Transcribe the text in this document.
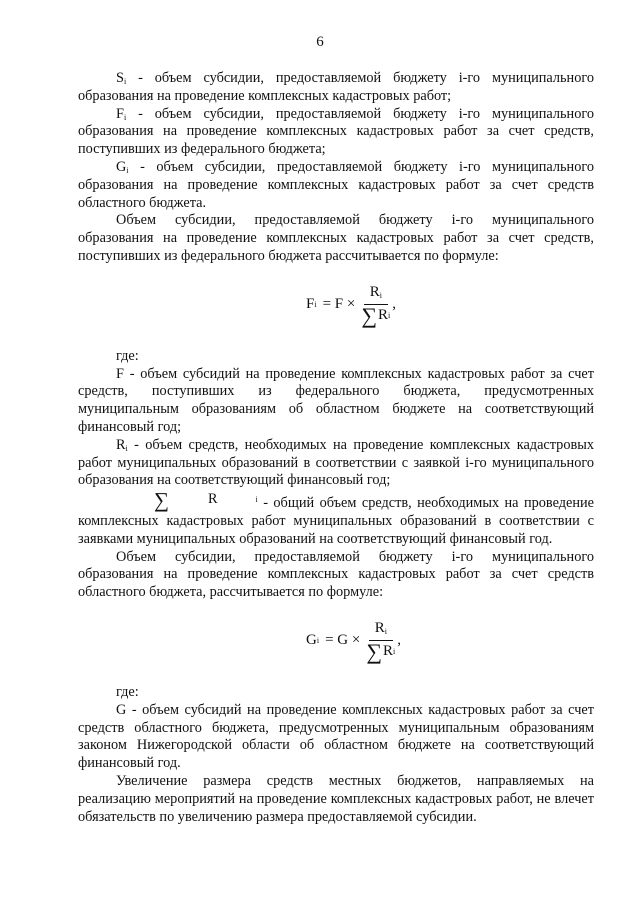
6

$S_i$ - объем субсидии, предоставляемой бюджету i-го муниципального образования на проведение комплексных кадастровых работ;

$F_i$ - объем субсидии, предоставляемой бюджету i-го муниципального образования на проведение комплексных кадастровых работ за счет средств, поступивших из федерального бюджета;

$G_i$ - объем субсидии, предоставляемой бюджету i-го муниципального образования на проведение комплексных кадастровых работ за счет средств областного бюджета.

Объем субсидии, предоставляемой бюджету i-го муниципального образования на проведение комплексных кадастровых работ за счет средств, поступивших из федерального бюджета рассчитывается по формуле:

F $i = F \times \frac{R_i}{\text{∑ R i}}$ ,

где:

F - объем субсидий на проведение комплексных кадастровых работ за счет средств, поступивших из федерального бюджета, предусмотренных муниципальным образованиям об областном бюджете на соответствующий финансовый год;

$R_i$ - объем средств, необходимых на проведение комплексных кадастровых работ муниципальных образований в соответствии с заявкой i-го муниципального образования на соответствующий финансовый год;

∑	R	i - общий объем средств, необходимых на проведение комплексных кадастровых работ муниципальных образований в соответствии с заявками муниципальных образований на соответствующий финансовый год.

Объем субсидии, предоставляемой бюджету i-го муниципального образования на проведение комплексных кадастровых работ за счет средств областного бюджета, рассчитывается по формуле:

G $i = G \times \frac{R_i}{\text{∑ R i}}$ ,

где:

G - объем субсидий на проведение комплексных кадастровых работ за счет средств областного бюджета, предусмотренных муниципальным образованиям законом Нижегородской области об областном бюджете на соответствующий финансовый год.

Увеличение размера средств местных бюджетов, направляемых на реализацию мероприятий на проведение комплексных кадастровых работ, не влечет обязательств по увеличению размера предоставляемой субсидии.
